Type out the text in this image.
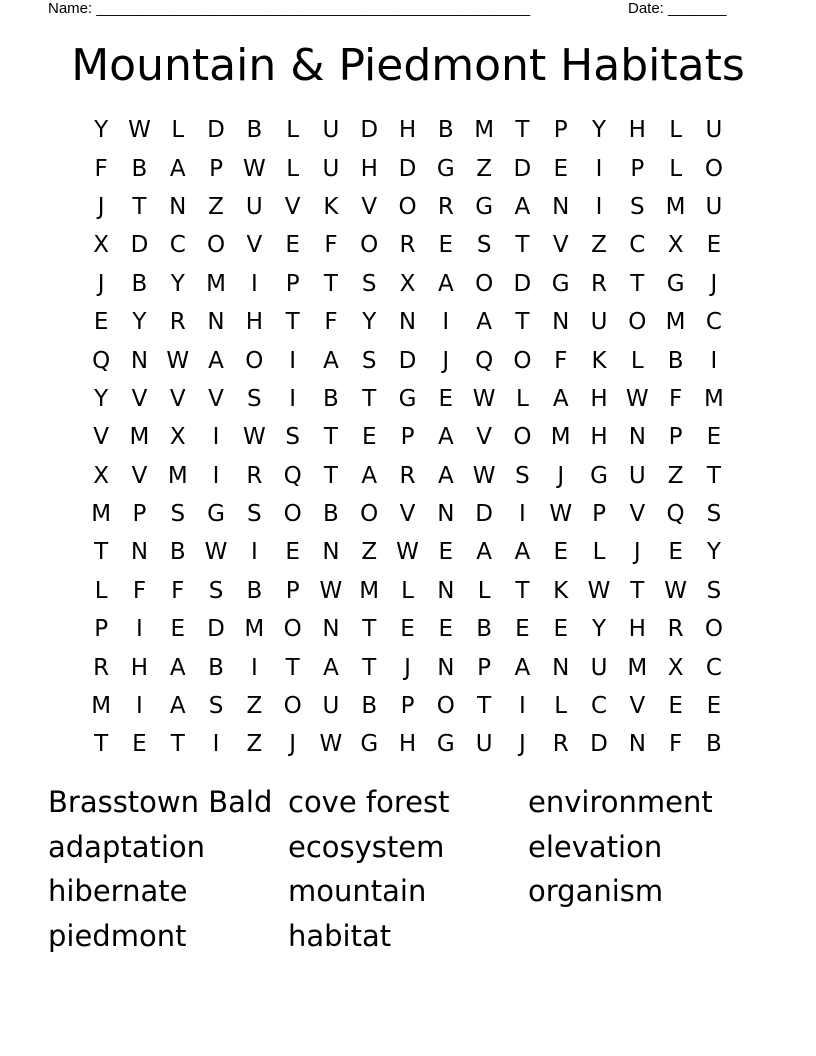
Name: ____________________________________________________	Date: _______
Mountain & Piedmont Habitats
Y W L	D B	L	U D H B M T	P	Y H	L	U
F	B A	P W L	U H D G Z D E	I	P	L O
J	T N Z U V K V O R G A N	I	S M U
X D C O V	E	F O R	E	S	T	V Z C X	E
J	B	Y M	I	P	T	S	X A O D G R	T G	J
E	Y	R N H T	F	Y N	I	A	T N U O M C
Q N W A O	I	A	S D	J	Q O F	K	L	B	I
Y	V V V	S	I	B	T G E W L	A H W F M
V M X	I	W S	T	E	P	A V O M H N P	E
X V M	I	R Q T	A R A W S	J	G U Z	T
M P	S G S O B O V N D	I	W P	V Q S
T N B W	I	E N Z W E	A A	E	L	J	E	Y
L	F	F	S	B	P W M L	N	L	T	K W T W S
P	I	E D M O N T	E	E	B	E	E	Y H R O
R H A B	I	T	A	T	J	N P	A N U M X C
M	I	A	S	Z O U B	P O T	I	L	C V	E	E
T	E	T	I	Z	J	W G H G U	J	R D N	F	B
Brasstown Bald cove forest	environment
adaptation	ecosystem	elevation
hibernate	mountain	organism
piedmont	habitat
